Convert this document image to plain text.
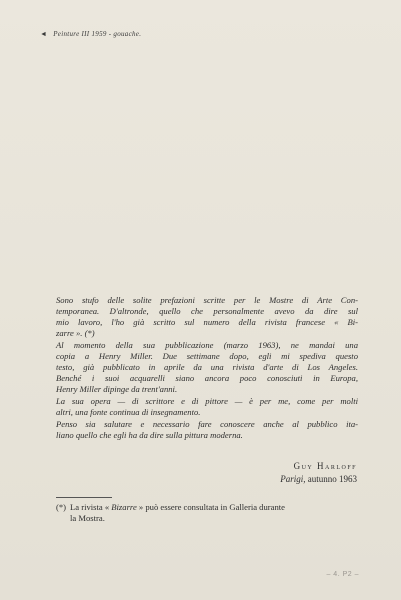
◄ Peinture III 1959 - gouache.
Sono stufo delle solite prefazioni scritte per le Mostre di Arte Con-
temporanea. D'altronde, quello che personalmente avevo da dire sul
mio lavoro, l'ho già scritto sul numero della rivista francese « Bi-
zarre ». (*)
Al momento della sua pubblicazione (marzo 1963), ne mandai una
copia a Henry Miller. Due settimane dopo, egli mi spediva questo
testo, già pubblicato in aprile da una rivista d'arte di Los Angeles.
Benché i suoi acquarelli siano ancora poco conosciuti in Europa,
Henry Miller dipinge da trent'anni.
La sua opera — di scrittore e di pittore — è per me, come per molti
altri, una fonte continua di insegnamento.
Penso sia salutare e necessario fare conoscere anche al pubblico ita-
liano quello che egli ha da dire sulla pittura moderna.
Guy Harloff
Parigi, autunno 1963
(*) La rivista « Bizarre » può essere consultata in Galleria durante
la Mostra.
– 4. P2 –
